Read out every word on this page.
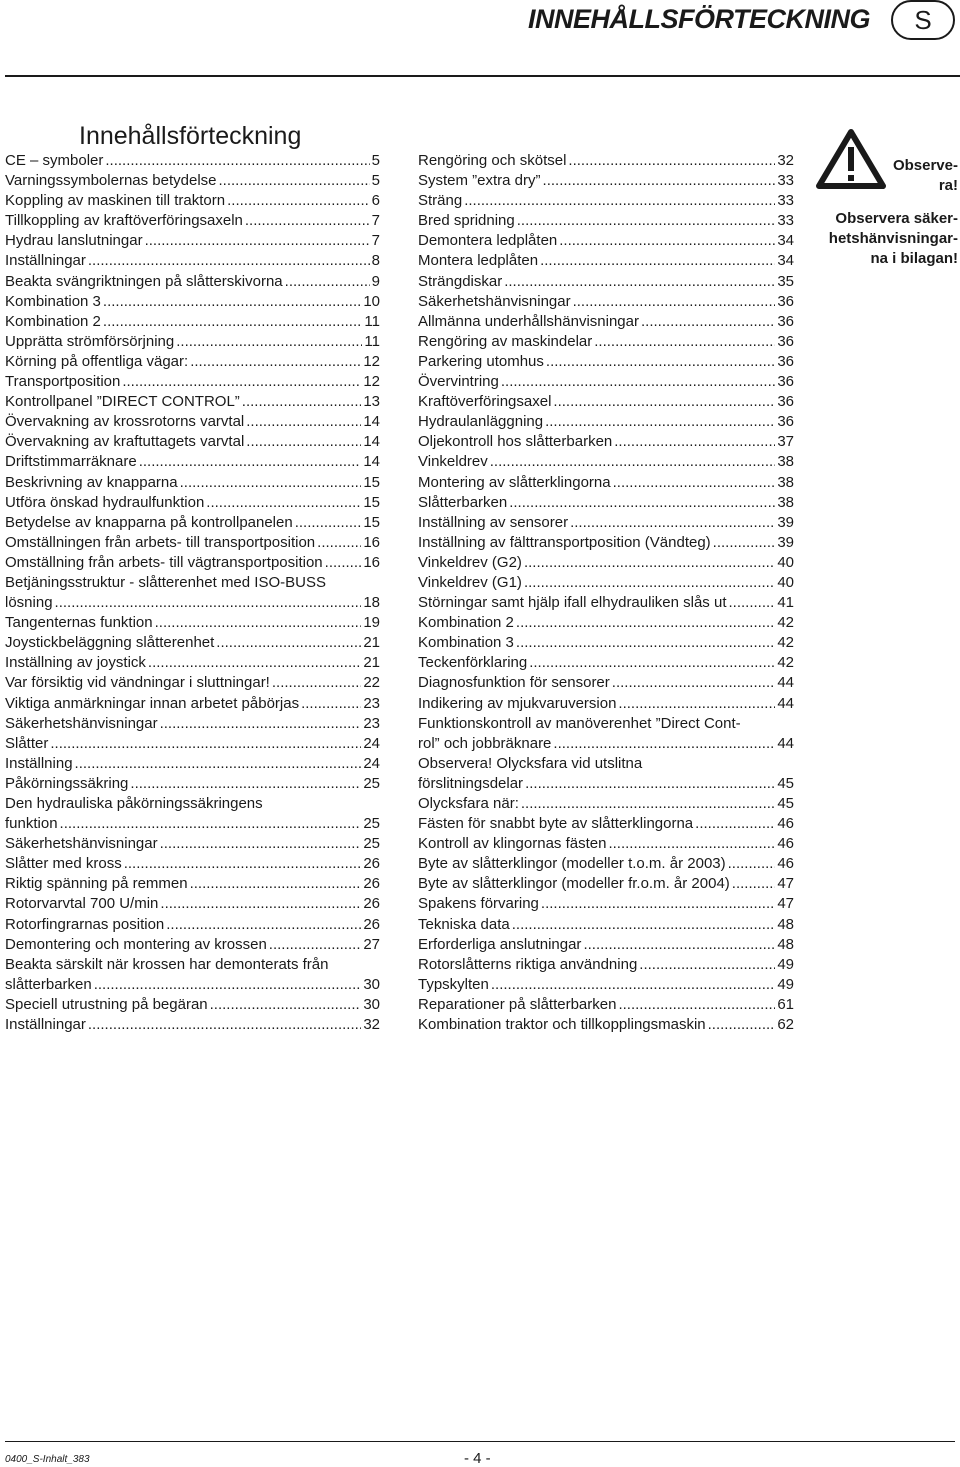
INNEHÅLLSFÖRTECKNING	S
Innehållsförteckning
CE – symboler .....	5
Varningssymbolernas betydelse .....	5
Koppling av maskinen till traktorn .....	6
Tillkoppling av kraftöverföringsaxeln .....	7
Hydrau lanslutningar .....	7
Inställningar .....	8
Beakta svängriktningen på slåtterskivorna .....	9
Kombination 3 .....	10
Kombination 2 .....	11
Upprätta strömförsörjning .....	11
Körning på offentliga vägar: .....	12
Transportposition .....	12
Kontrollpanel ”DIRECT CONTROL” .....	13
Övervakning av krossrotorns varvtal .....	14
Övervakning av kraftuttagets varvtal .....	14
Driftstimmarräknare .....	14
Beskrivning av knapparna .....	15
Utföra önskad hydraulfunktion .....	15
Betydelse av knapparna på kontrollpanelen .....	15
Omställningen från arbets- till transportposition .....	16
Omställning från arbets- till vägtransportposition .....	16
Betjäningsstruktur - slåtterenhet med ISO-BUSS
lösning .....	18
Tangenternas funktion .....	19
Joystickbeläggning slåtterenhet .....	21
Inställning av joystick .....	21
Var försiktig vid vändningar i sluttningar! .....	22
Viktiga anmärkningar innan arbetet påbörjas .....	23
Säkerhetshänvisningar .....	23
Slåtter .....	24
Inställning .....	24
Påkörningssäkring .....	25
Den hydrauliska påkörningssäkringens
funktion .....	25
Säkerhetshänvisningar .....	25
Slåtter med kross .....	26
Riktig spänning på remmen .....	26
Rotorvarvtal 700 U/min .....	26
Rotorfingrarnas position .....	26
Demontering och montering av krossen .....	27
Beakta särskilt när krossen har demonterats från
slåtterbarken .....	30
Speciell utrustning på begäran .....	30
Inställningar .....	32
Rengöring och skötsel .....	32
System ”extra dry” .....	33
Sträng .....	33
Bred spridning .....	33
Demontera ledplåten .....	34
Montera ledplåten .....	34
Strängdiskar .....	35
Säkerhetshänvisningar .....	36
Allmänna underhållshänvisningar .....	36
Rengöring av maskindelar .....	36
Parkering utomhus .....	36
Övervintring .....	36
Kraftöverföringsaxel .....	36
Hydraulanläggning .....	36
Oljekontroll hos slåtterbarken .....	37
Vinkeldrev .....	38
Montering av slåtterklingorna .....	38
Slåtterbarken .....	38
Inställning av sensorer .....	39
Inställning av fälttransportposition (Vändteg) .....	39
Vinkeldrev (G2) .....	40
Vinkeldrev (G1) .....	40
Störningar samt hjälp ifall elhydrauliken slås ut .....	41
Kombination 2 .....	42
Kombination 3 .....	42
Teckenförklaring .....	42
Diagnosfunktion för sensorer .....	44
Indikering av mjukvaruversion .....	44
Funktionskontroll av manöverenhet ”Direct Cont-
rol” och jobbräknare .....	44
Observera! Olycksfara vid utslitna
förslitningsdelar .....	45
Olycksfara när: .....	45
Fästen för snabbt byte av slåtterklingorna .....	46
Kontroll av klingornas fästen .....	46
Byte av slåtterklingor (modeller t.o.m. år 2003) .....	46
Byte av slåtterklingor (modeller fr.o.m. år 2004) .....	47
Spakens förvaring .....	47
Tekniska data .....	48
Erforderliga anslutningar .....	48
Rotorslåtterns riktiga användning .....	49
Typskylten .....	49
Reparationer på slåtterbarken .....	61
Kombination traktor och tillkopplingsmaskin .....	62
Observe-ra!
Observera säker-hetshänvisningar-na i bilagan!
0400_S-Inhalt_383	- 4 -
